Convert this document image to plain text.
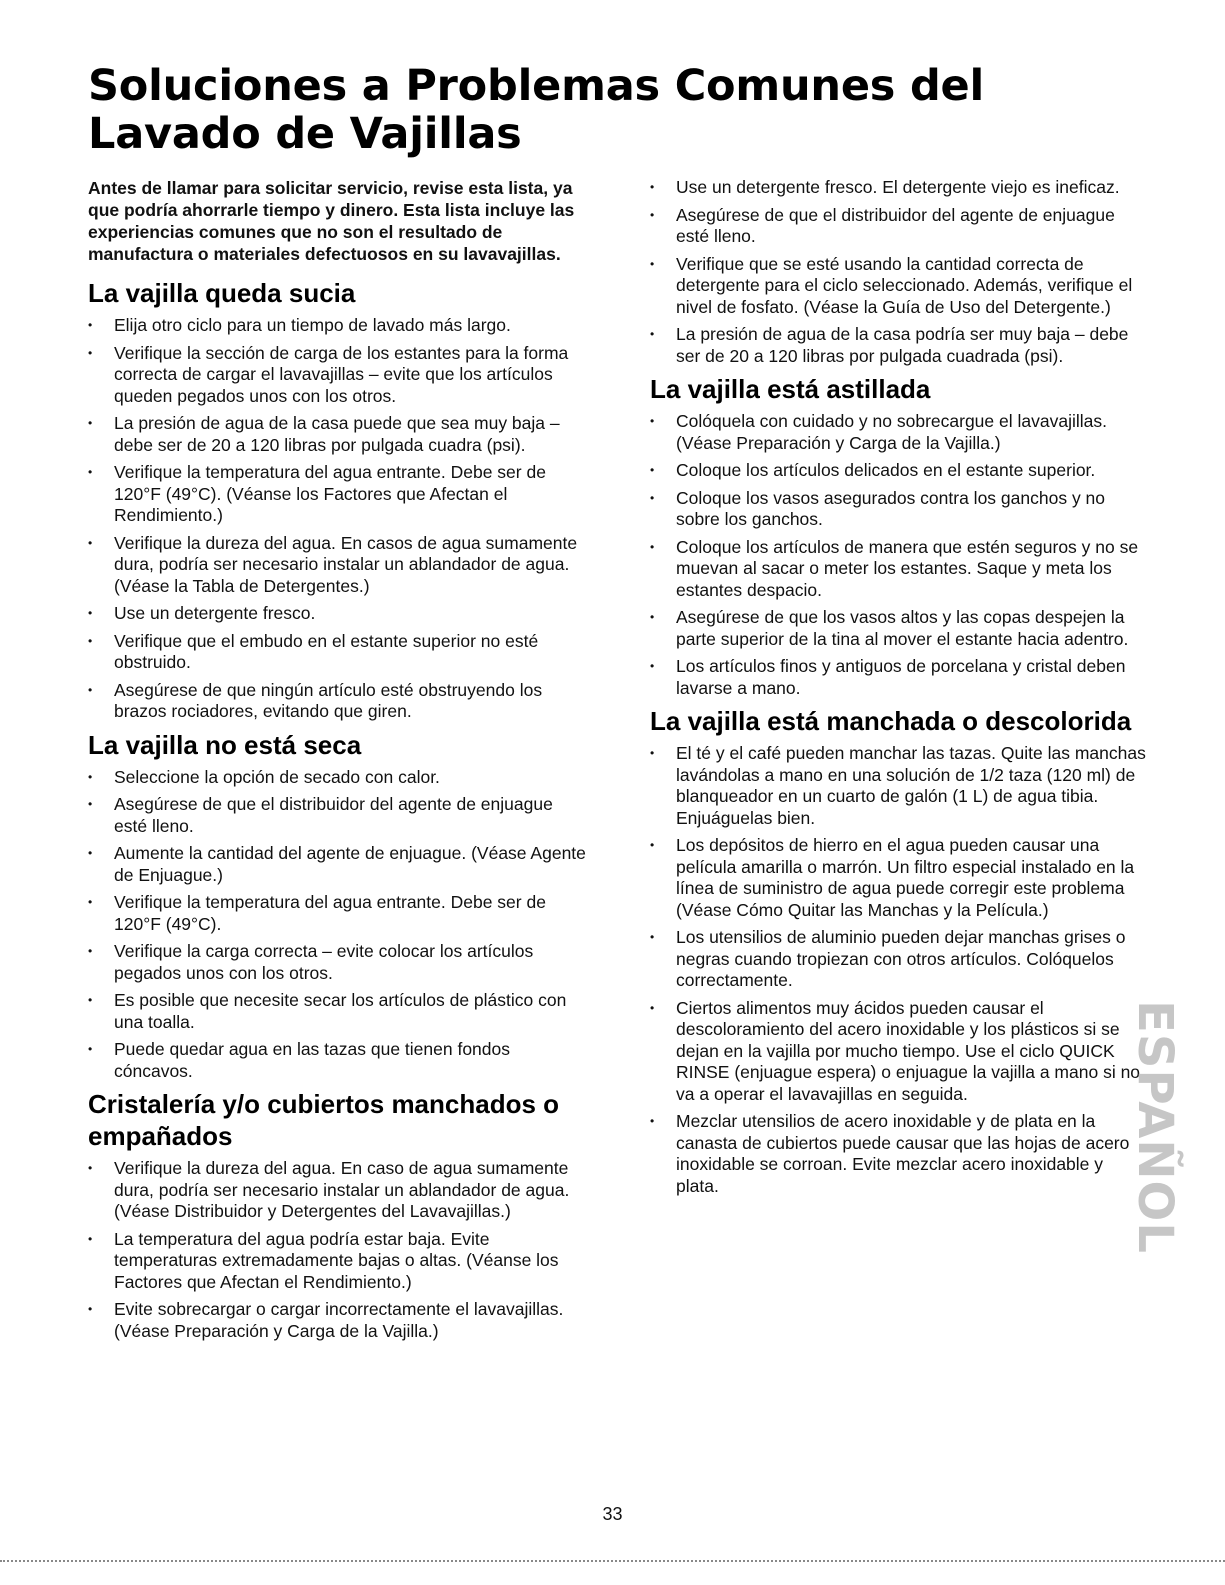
Soluciones a Problemas Comunes del Lavado de Vajillas

Antes de llamar para solicitar servicio, revise esta lista, ya que podría ahorrarle tiempo y dinero. Esta lista incluye las experiencias comunes que no son el resultado de manufactura o materiales defectuosos en su lavavajillas.

La vajilla queda sucia
• Elija otro ciclo para un tiempo de lavado más largo.
• Verifique la sección de carga de los estantes para la forma correcta de cargar el lavavajillas – evite que los artículos queden pegados unos con los otros.
• La presión de agua de la casa puede que sea muy baja – debe ser de 20 a 120 libras por pulgada cuadra (psi).
• Verifique la temperatura del agua entrante. Debe ser de 120°F (49°C). (Véanse los Factores que Afectan el Rendimiento.)
• Verifique la dureza del agua. En casos de agua sumamente dura, podría ser necesario instalar un ablandador de agua. (Véase la Tabla de Detergentes.)
• Use un detergente fresco.
• Verifique que el embudo en el estante superior no esté obstruido.
• Asegúrese de que ningún artículo esté obstruyendo los brazos rociadores, evitando que giren.
La vajilla no está seca
• Seleccione la opción de secado con calor.
• Asegúrese de que el distribuidor del agente de enjuague esté lleno.
• Aumente la cantidad del agente de enjuague. (Véase Agente de Enjuague.)
• Verifique la temperatura del agua entrante. Debe ser de 120°F (49°C).
• Verifique la carga correcta – evite colocar los artículos pegados unos con los otros.
• Es posible que necesite secar los artículos de plástico con una toalla.
• Puede quedar agua en las tazas que tienen fondos cóncavos.
Cristalería y/o cubiertos manchados o empañados
• Verifique la dureza del agua. En caso de agua sumamente dura, podría ser necesario instalar un ablandador de agua. (Véase Distribuidor y Detergentes del Lavavajillas.)
• La temperatura del agua podría estar baja. Evite temperaturas extremadamente bajas o altas. (Véanse los Factores que Afectan el Rendimiento.)
• Evite sobrecargar o cargar incorrectamente el lavavajillas. (Véase Preparación y Carga de la Vajilla.)
• Use un detergente fresco. El detergente viejo es ineficaz.
• Asegúrese de que el distribuidor del agente de enjuague esté lleno.
• Verifique que se esté usando la cantidad correcta de detergente para el ciclo seleccionado. Además, verifique el nivel de fosfato. (Véase la Guía de Uso del Detergente.)
• La presión de agua de la casa podría ser muy baja – debe ser de 20 a 120 libras por pulgada cuadrada (psi).
La vajilla está astillada
• Colóquela con cuidado y no sobrecargue el lavavajillas. (Véase Preparación y Carga de la Vajilla.)
• Coloque los artículos delicados en el estante superior.
• Coloque los vasos asegurados contra los ganchos y no sobre los ganchos.
• Coloque los artículos de manera que estén seguros y no se muevan al sacar o meter los estantes. Saque y meta los estantes despacio.
• Asegúrese de que los vasos altos y las copas despejen la parte superior de la tina al mover el estante hacia adentro.
• Los artículos finos y antiguos de porcelana y cristal deben lavarse a mano.
La vajilla está manchada o descolorida
• El té y el café pueden manchar las tazas. Quite las manchas lavándolas a mano en una solución de 1/2 taza (120 ml) de blanqueador en un cuarto de galón (1 L) de agua tibia. Enjuáguelas bien.
• Los depósitos de hierro en el agua pueden causar una película amarilla o marrón. Un filtro especial instalado en la línea de suministro de agua puede corregir este problema (Véase Cómo Quitar las Manchas y la Película.)
• Los utensilios de aluminio pueden dejar manchas grises o negras cuando tropiezan con otros artículos. Colóquelos correctamente.
• Ciertos alimentos muy ácidos pueden causar el descoloramiento del acero inoxidable y los plásticos si se dejan en la vajilla por mucho tiempo. Use el ciclo QUICK RINSE (enjuague espera) o enjuague la vajilla a mano si no va a operar el lavavajillas en seguida.
• Mezclar utensilios de acero inoxidable y de plata en la canasta de cubiertos puede causar que las hojas de acero inoxidable se corroan. Evite mezclar acero inoxidable y plata.	ESPAÑOL
33
